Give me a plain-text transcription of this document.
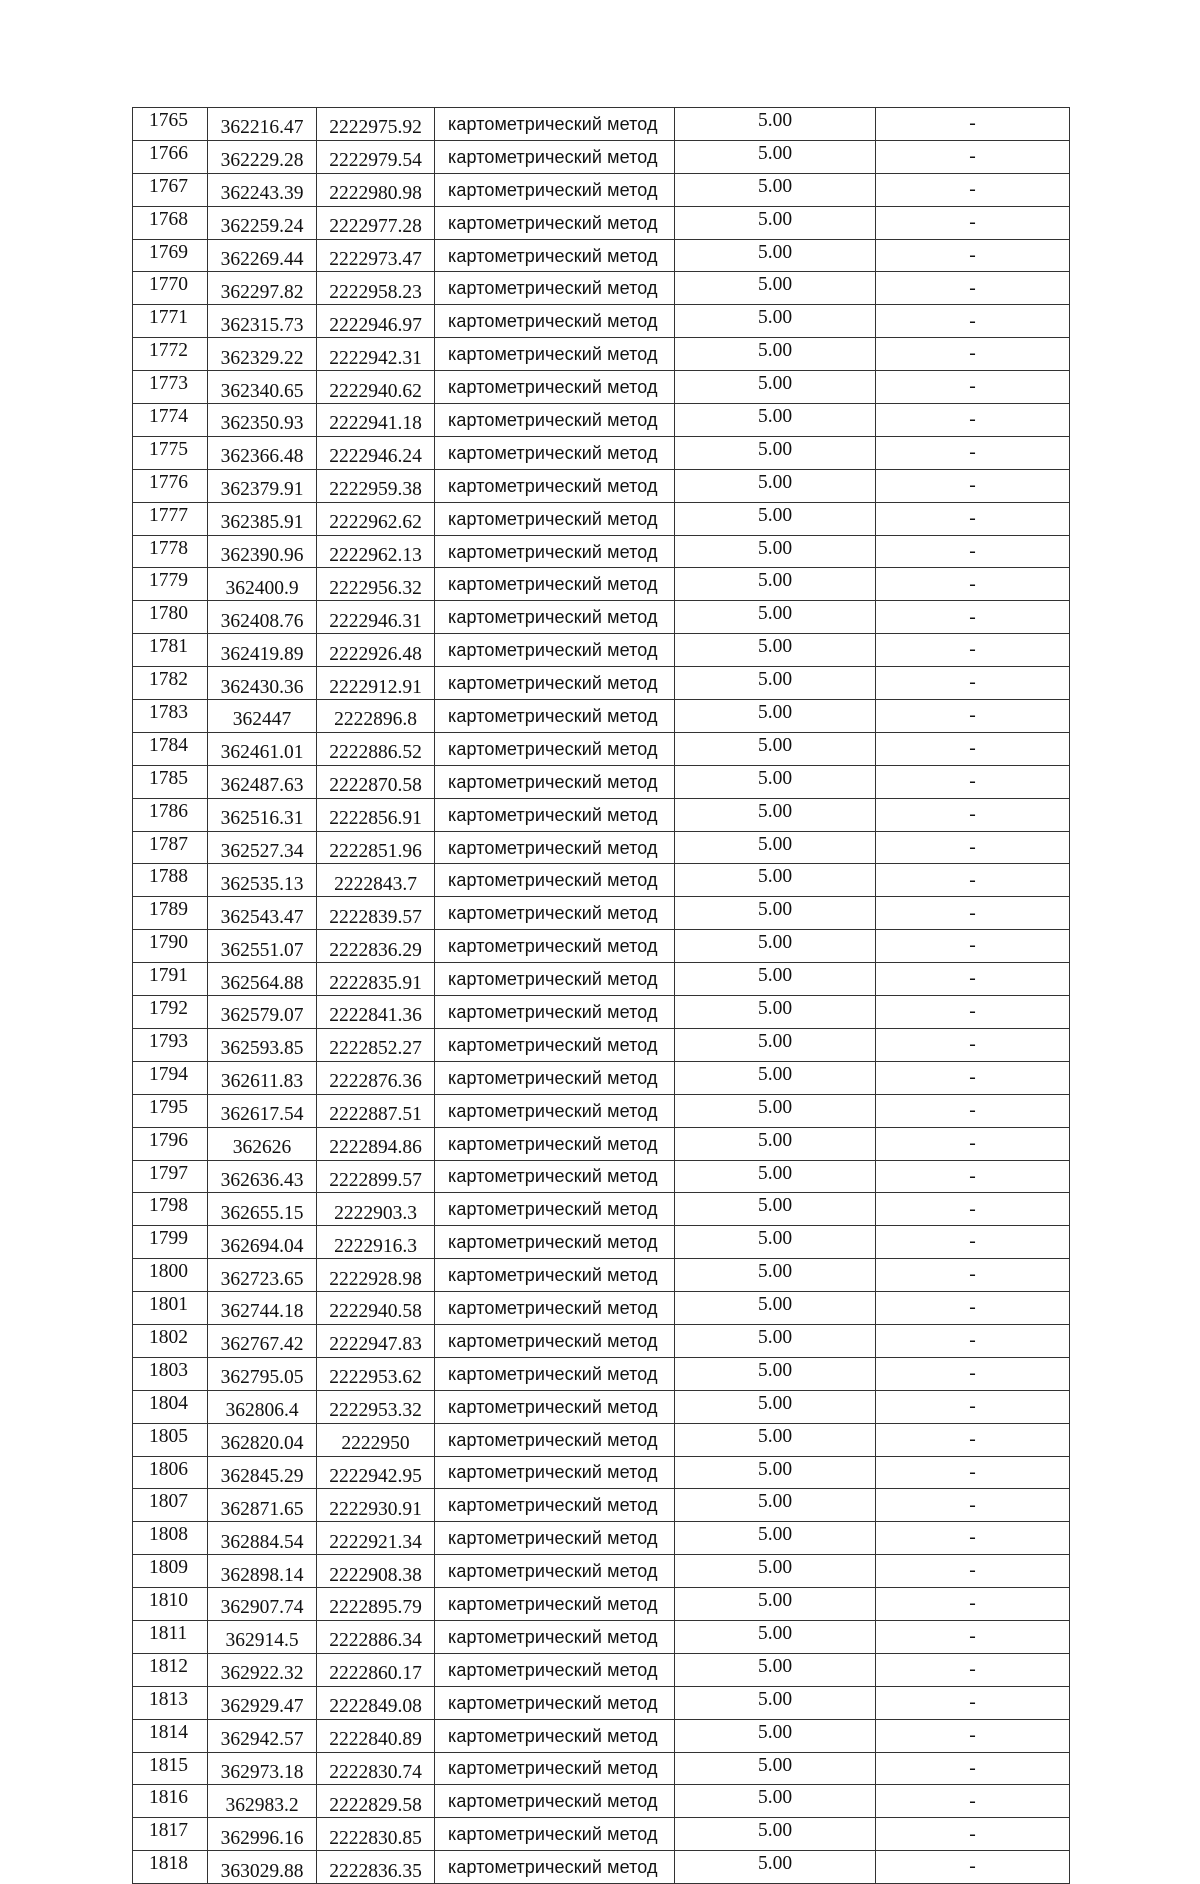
1765	362216.47	2222975.92	картометрический метод	5.00	-
1766	362229.28	2222979.54	картометрический метод	5.00	-
1767	362243.39	2222980.98	картометрический метод	5.00	-
1768	362259.24	2222977.28	картометрический метод	5.00	-
1769	362269.44	2222973.47	картометрический метод	5.00	-
1770	362297.82	2222958.23	картометрический метод	5.00	-
1771	362315.73	2222946.97	картометрический метод	5.00	-
1772	362329.22	2222942.31	картометрический метод	5.00	-
1773	362340.65	2222940.62	картометрический метод	5.00	-
1774	362350.93	2222941.18	картометрический метод	5.00	-
1775	362366.48	2222946.24	картометрический метод	5.00	-
1776	362379.91	2222959.38	картометрический метод	5.00	-
1777	362385.91	2222962.62	картометрический метод	5.00	-
1778	362390.96	2222962.13	картометрический метод	5.00	-
1779	362400.9	2222956.32	картометрический метод	5.00	-
1780	362408.76	2222946.31	картометрический метод	5.00	-
1781	362419.89	2222926.48	картометрический метод	5.00	-
1782	362430.36	2222912.91	картометрический метод	5.00	-
1783	362447	2222896.8	картометрический метод	5.00	-
1784	362461.01	2222886.52	картометрический метод	5.00	-
1785	362487.63	2222870.58	картометрический метод	5.00	-
1786	362516.31	2222856.91	картометрический метод	5.00	-
1787	362527.34	2222851.96	картометрический метод	5.00	-
1788	362535.13	2222843.7	картометрический метод	5.00	-
1789	362543.47	2222839.57	картометрический метод	5.00	-
1790	362551.07	2222836.29	картометрический метод	5.00	-
1791	362564.88	2222835.91	картометрический метод	5.00	-
1792	362579.07	2222841.36	картометрический метод	5.00	-
1793	362593.85	2222852.27	картометрический метод	5.00	-
1794	362611.83	2222876.36	картометрический метод	5.00	-
1795	362617.54	2222887.51	картометрический метод	5.00	-
1796	362626	2222894.86	картометрический метод	5.00	-
1797	362636.43	2222899.57	картометрический метод	5.00	-
1798	362655.15	2222903.3	картометрический метод	5.00	-
1799	362694.04	2222916.3	картометрический метод	5.00	-
1800	362723.65	2222928.98	картометрический метод	5.00	-
1801	362744.18	2222940.58	картометрический метод	5.00	-
1802	362767.42	2222947.83	картометрический метод	5.00	-
1803	362795.05	2222953.62	картометрический метод	5.00	-
1804	362806.4	2222953.32	картометрический метод	5.00	-
1805	362820.04	2222950	картометрический метод	5.00	-
1806	362845.29	2222942.95	картометрический метод	5.00	-
1807	362871.65	2222930.91	картометрический метод	5.00	-
1808	362884.54	2222921.34	картометрический метод	5.00	-
1809	362898.14	2222908.38	картометрический метод	5.00	-
1810	362907.74	2222895.79	картометрический метод	5.00	-
1811	362914.5	2222886.34	картометрический метод	5.00	-
1812	362922.32	2222860.17	картометрический метод	5.00	-
1813	362929.47	2222849.08	картометрический метод	5.00	-
1814	362942.57	2222840.89	картометрический метод	5.00	-
1815	362973.18	2222830.74	картометрический метод	5.00	-
1816	362983.2	2222829.58	картометрический метод	5.00	-
1817	362996.16	2222830.85	картометрический метод	5.00	-
1818	363029.88	2222836.35	картометрический метод	5.00	-
